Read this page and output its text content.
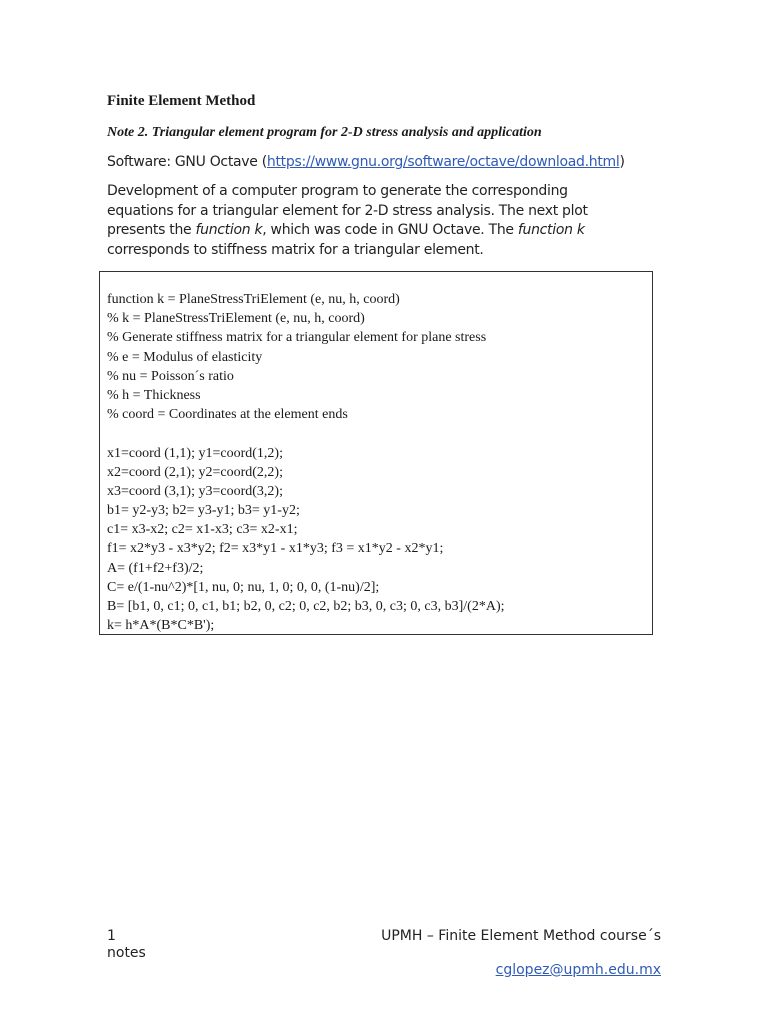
Finite Element Method
Note 2. Triangular element program for 2-D stress analysis and application
Software: GNU Octave (https://www.gnu.org/software/octave/download.html)
Development of a computer program to generate the corresponding equations for a triangular element for 2-D stress analysis. The next plot presents the function k, which was code in GNU Octave. The function k corresponds to stiffness matrix for a triangular element.
function k = PlaneStressTriElement (e, nu, h, coord)
% k = PlaneStressTriElement (e, nu, h, coord)
% Generate stiffness matrix for a triangular element for plane stress
% e = Modulus of elasticity
% nu = Poisson´s ratio
% h = Thickness
% coord = Coordinates at the element ends
x1=coord (1,1); y1=coord(1,2);
x2=coord (2,1); y2=coord(2,2);
x3=coord (3,1); y3=coord(3,2);
b1= y2-y3; b2= y3-y1; b3= y1-y2;
c1= x3-x2; c2= x1-x3; c3= x2-x1;
f1= x2*y3 - x3*y2; f2= x3*y1 - x1*y3; f3 = x1*y2 - x2*y1;
A= (f1+f2+f3)/2;
C= e/(1-nu^2)*[1, nu, 0; nu, 1, 0; 0, 0, (1-nu)/2];
B= [b1, 0, c1; 0, c1, b1; b2, 0, c2; 0, c2, b2; b3, 0, c3; 0, c3, b3]/(2*A);
k= h*A*(B*C*B');
1
notes
UPMH – Finite Element Method course´s
cglopez@upmh.edu.mx
